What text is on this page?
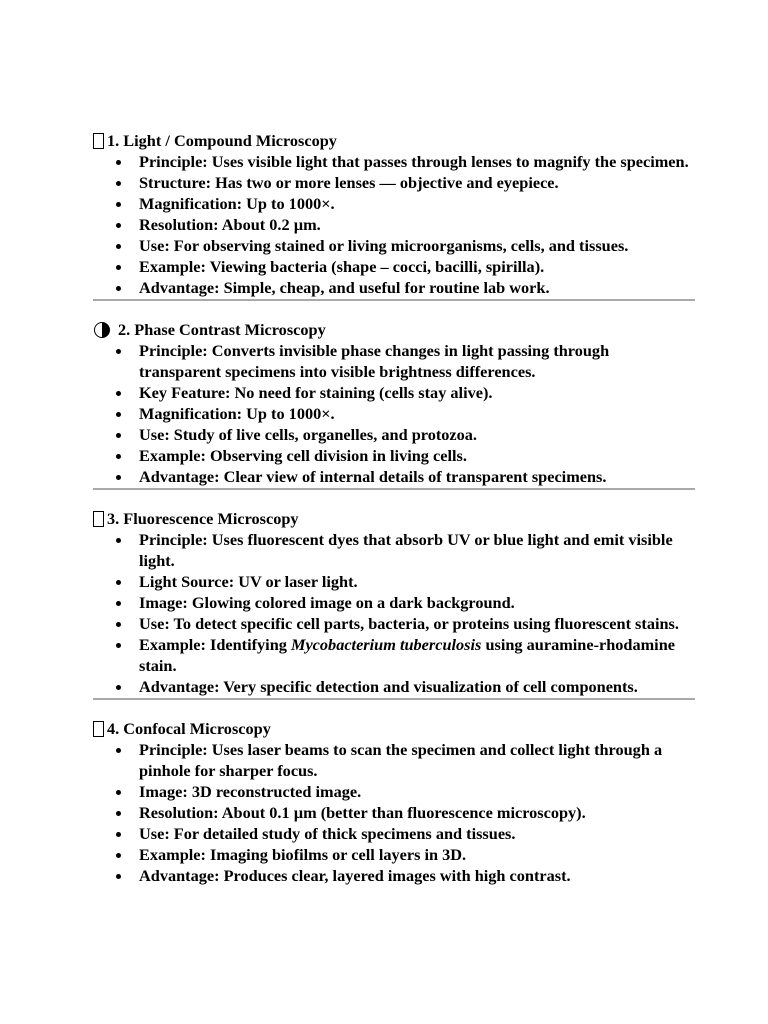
1. Light / Compound Microscopy
Principle: Uses visible light that passes through lenses to magnify the specimen.
Structure: Has two or more lenses — objective and eyepiece.
Magnification: Up to 1000×.
Resolution: About 0.2 µm.
Use: For observing stained or living microorganisms, cells, and tissues.
Example: Viewing bacteria (shape – cocci, bacilli, spirilla).
Advantage: Simple, cheap, and useful for routine lab work.
2. Phase Contrast Microscopy
Principle: Converts invisible phase changes in light passing through transparent specimens into visible brightness differences.
Key Feature: No need for staining (cells stay alive).
Magnification: Up to 1000×.
Use: Study of live cells, organelles, and protozoa.
Example: Observing cell division in living cells.
Advantage: Clear view of internal details of transparent specimens.
3. Fluorescence Microscopy
Principle: Uses fluorescent dyes that absorb UV or blue light and emit visible light.
Light Source: UV or laser light.
Image: Glowing colored image on a dark background.
Use: To detect specific cell parts, bacteria, or proteins using fluorescent stains.
Example: Identifying Mycobacterium tuberculosis using auramine-rhodamine stain.
Advantage: Very specific detection and visualization of cell components.
4. Confocal Microscopy
Principle: Uses laser beams to scan the specimen and collect light through a pinhole for sharper focus.
Image: 3D reconstructed image.
Resolution: About 0.1 µm (better than fluorescence microscopy).
Use: For detailed study of thick specimens and tissues.
Example: Imaging biofilms or cell layers in 3D.
Advantage: Produces clear, layered images with high contrast.
